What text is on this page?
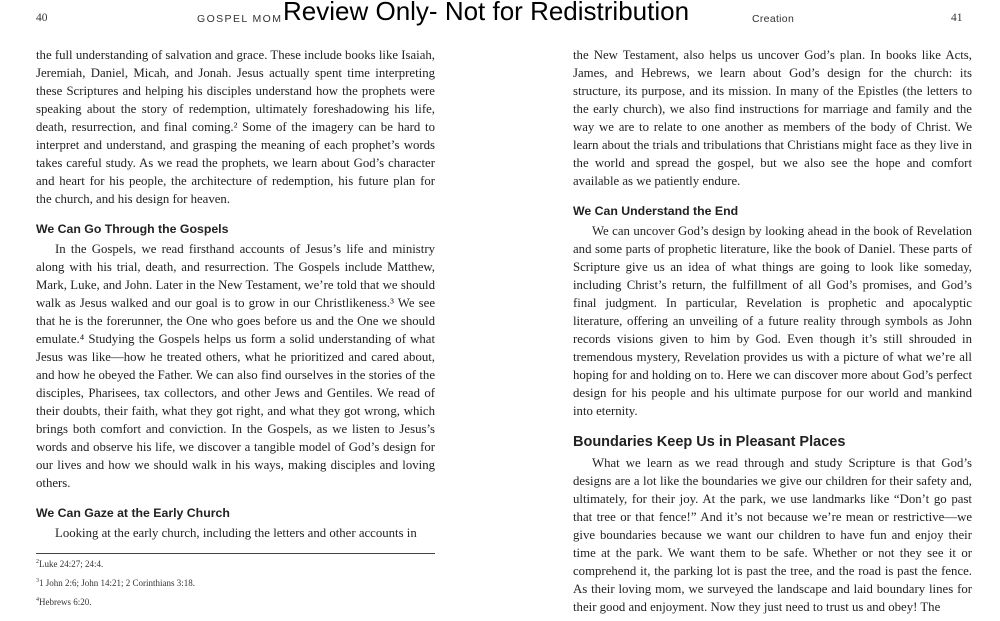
40	GOSPEL MOM Review Only- Not for Redistribution	Creation	41

the full understanding of salvation and grace. These include books like Isaiah, Jeremiah, Daniel, Micah, and Jonah. Jesus actually spent time interpreting these Scriptures and helping his disciples understand how the prophets were speaking about the story of redemption, ultimately foreshadowing his life, death, resurrection, and final coming.² Some of the imagery can be hard to interpret and understand, and grasping the meaning of each prophet’s words takes careful study. As we read the prophets, we learn about God’s character and heart for his people, the architecture of redemption, his future plan for the church, and his design for heaven.

We Can Go Through the Gospels

In the Gospels, we read firsthand accounts of Jesus’s life and ministry along with his trial, death, and resurrection. The Gospels include Matthew, Mark, Luke, and John. Later in the New Testament, we’re told that we should walk as Jesus walked and our goal is to grow in our Christlikeness.³ We see that he is the forerunner, the One who goes before us and the One we should emulate.⁴ Studying the Gospels helps us form a solid understanding of what Jesus was like—how he treated others, what he prioritized and cared about, and how he obeyed the Father. We can also find ourselves in the stories of the disciples, Pharisees, tax collectors, and other Jews and Gentiles. We read of their doubts, their faith, what they got right, and what they got wrong, which brings both comfort and conviction. In the Gospels, as we listen to Jesus’s words and observe his life, we discover a tangible model of God’s design for our lives and how we should walk in his ways, making disciples and loving others.

We Can Gaze at the Early Church

Looking at the early church, including the letters and other accounts in

$^2$Luke 24:27; 24:4.
$^3$1 John 2:6; John 14:21; 2 Corinthians 3:18.
$^4$Hebrews 6:20.

the New Testament, also helps us uncover God’s plan. In books like Acts, James, and Hebrews, we learn about God’s design for the church: its structure, its purpose, and its mission. In many of the Epistles (the letters to the early church), we also find instructions for marriage and family and the way we are to relate to one another as members of the body of Christ. We learn about the trials and tribulations that Christians might face as they live in the world and spread the gospel, but we also see the hope and comfort available as we patiently endure.

We Can Understand the End

We can uncover God’s design by looking ahead in the book of Revelation and some parts of prophetic literature, like the book of Daniel. These parts of Scripture give us an idea of what things are going to look like someday, including Christ’s return, the fulfillment of all God’s promises, and God’s final judgment. In particular, Revelation is prophetic and apocalyptic literature, offering an unveiling of a future reality through symbols as John records visions given to him by God. Even though it’s still shrouded in tremendous mystery, Revelation provides us with a picture of what we’re all hoping for and holding on to. Here we can discover more about God’s perfect design for his people and his ultimate purpose for our world and mankind into eternity.

Boundaries Keep Us in Pleasant Places

What we learn as we read through and study Scripture is that God’s designs are a lot like the boundaries we give our children for their safety and, ultimately, for their joy. At the park, we use landmarks like “Don’t go past that tree or that fence!” And it’s not because we’re mean or restrictive—we give boundaries because we want our children to have fun and enjoy their time at the park. We want them to be safe. Whether or not they see it or comprehend it, the parking lot is past the tree, and the road is past the fence. As their loving mom, we surveyed the landscape and laid boundary lines for their good and enjoyment. Now they just need to trust us and obey! The
